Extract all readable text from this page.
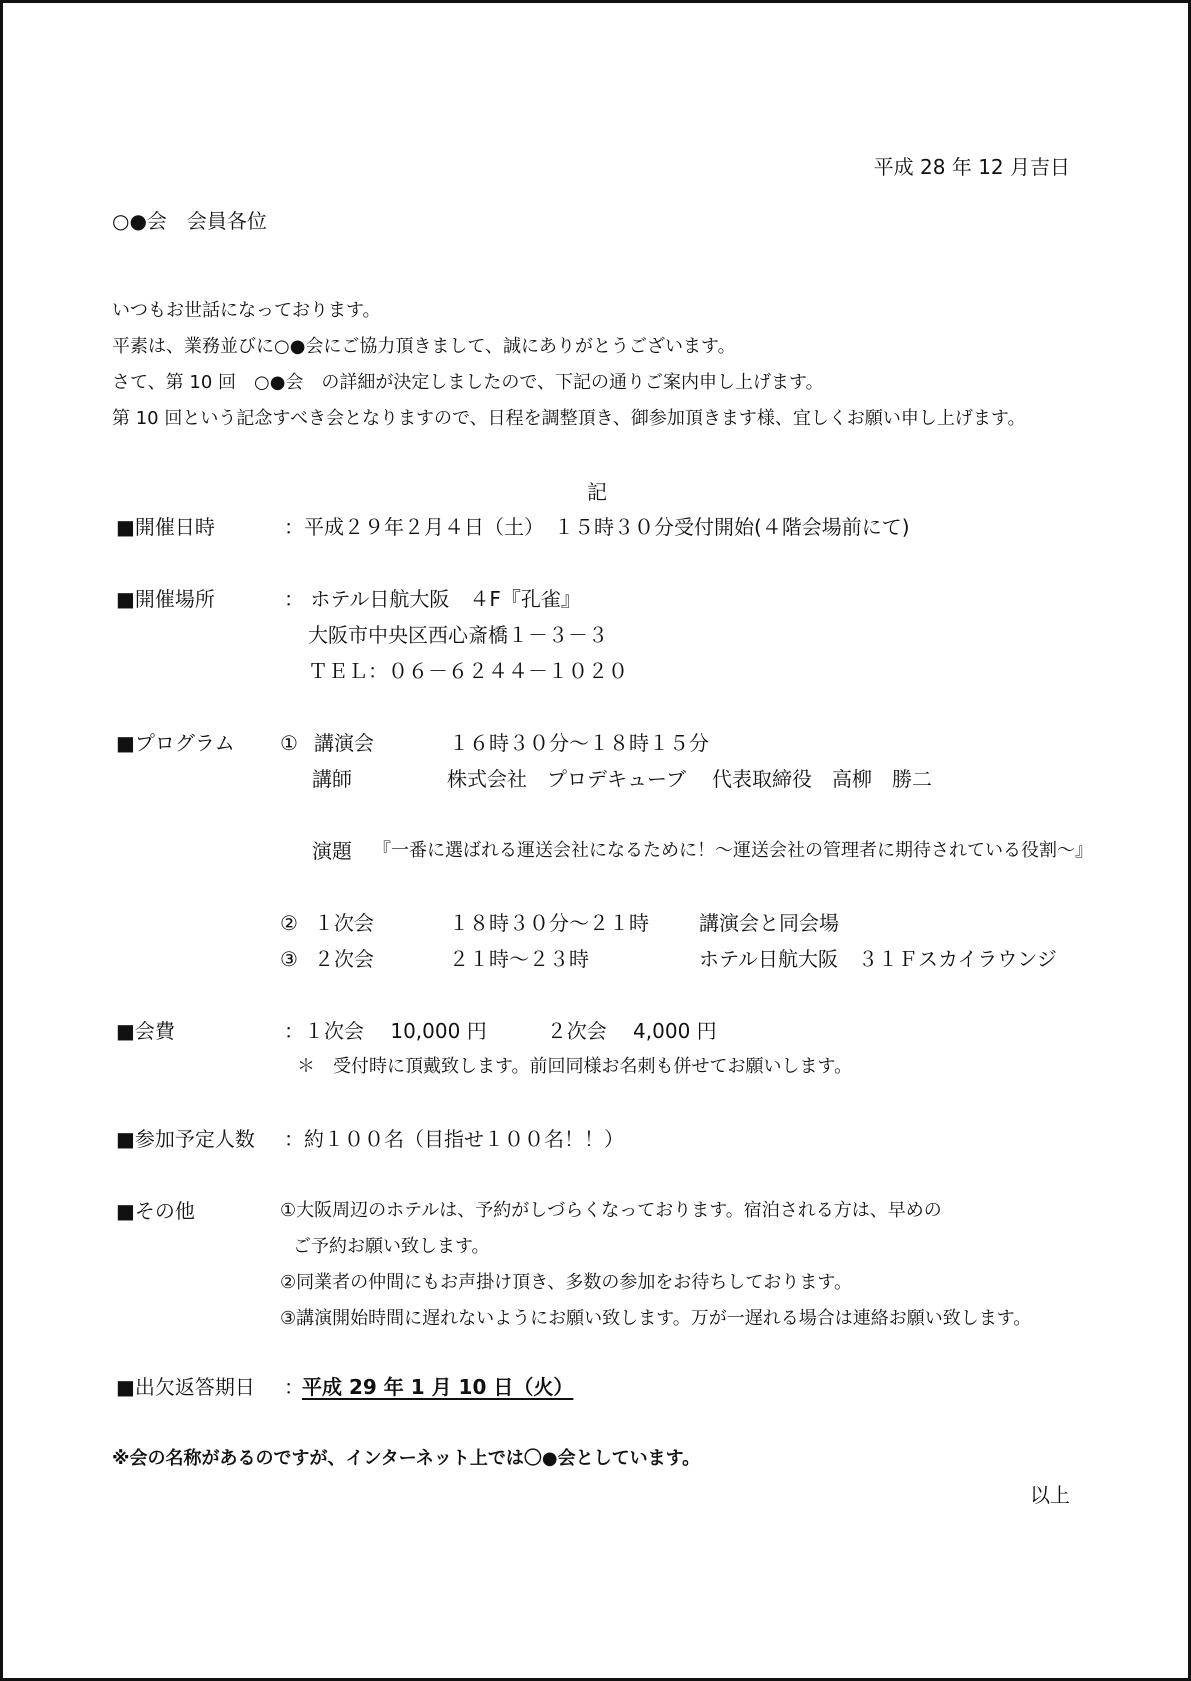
平成 28 年 12 月吉日
○●会　会員各位
いつもお世話になっております。
平素は、業務並びに○●会にご協力頂きまして、誠にありがとうございます。
さて、第 10 回　○●会　の詳細が決定しましたので、下記の通りご案内申し上げます。
第 10 回という記念すべき会となりますので、日程を調整頂き、御参加頂きます様、宜しくお願い申し上げます。
記
■開催日時	：平成２９年２月４日（土）　１５時３０分受付開始(４階会場前にて)
■開催場所	： ホテル日航大阪　４F『孔雀』
大阪市中央区西心斎橋１－３－３
ＴＥＬ：０６－６２４４－１０２０
■プログラム ① 講演会	１６時３０分～１８時１５分
講師	株式会社　プロデキューブ 代表取締役　高柳　勝二
演題 『一番に選ばれる運送会社になるために！～運送会社の管理者に期待されている役割～』
② １次会	１８時３０分～２１時	講演会と同会場
③ ２次会	２１時～２３時	ホテル日航大阪　３１Ｆスカイラウンジ
■会費	：１次会　 10,000 円　　　２次会　 4,000 円
＊　受付時に頂戴致します。前回同様お名刺も併せてお願いします。
■参加予定人数 ：約１００名（目指せ１００名！！）
■その他	①大阪周辺のホテルは、予約がしづらくなっております。宿泊される方は、早めの
ご予約お願い致します。
②同業者の仲間にもお声掛け頂き、多数の参加をお待ちしております。
③講演開始時間に遅れないようにお願い致します。万が一遅れる場合は連絡お願い致します。
■出欠返答期日 ：
平成 29 年 1 月 10 日（火）
※会の名称があるのですが、インターネット上では〇●会としています。
以上
